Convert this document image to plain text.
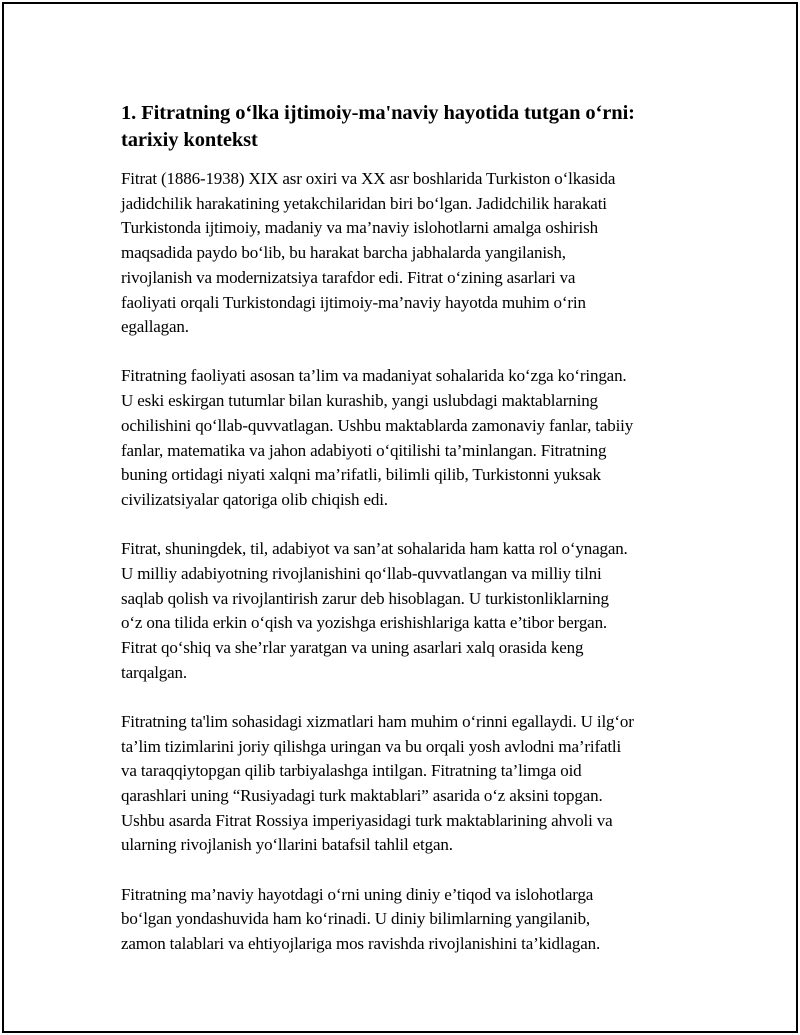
1. Fitratning o‘lka ijtimoiy-ma'naviy hayotida tutgan o‘rni:
tarixiy kontekst

Fitrat (1886-1938) XIX asr oxiri va XX asr boshlarida Turkiston o‘lkasida
jadidchilik harakatining yetakchilaridan biri bo‘lgan. Jadidchilik harakati
Turkistonda ijtimoiy, madaniy va ma’naviy islohotlarni amalga oshirish
maqsadida paydo bo‘lib, bu harakat barcha jabhalarda yangilanish,
rivojlanish va modernizatsiya tarafdor edi. Fitrat o‘zining asarlari va
faoliyati orqali Turkistondagi ijtimoiy-ma’naviy hayotda muhim o‘rin
egallagan.

Fitratning faoliyati asosan ta’lim va madaniyat sohalarida ko‘zga ko‘ringan.
U eski eskirgan tutumlar bilan kurashib, yangi uslubdagi maktablarning
ochilishini qo‘llab-quvvatlagan. Ushbu maktablarda zamonaviy fanlar, tabiiy
fanlar, matematika va jahon adabiyoti o‘qitilishi ta’minlangan. Fitratning
buning ortidagi niyati xalqni ma’rifatli, bilimli qilib, Turkistonni yuksak
civilizatsiyalar qatoriga olib chiqish edi.

Fitrat, shuningdek, til, adabiyot va san’at sohalarida ham katta rol o‘ynagan.
U milliy adabiyotning rivojlanishini qo‘llab-quvvatlangan va milliy tilni
saqlab qolish va rivojlantirish zarur deb hisoblagan. U turkistonliklarning
o‘z ona tilida erkin o‘qish va yozishga erishishlariga katta e’tibor bergan.
Fitrat qo‘shiq va she’rlar yaratgan va uning asarlari xalq orasida keng
tarqalgan.

Fitratning ta'lim sohasidagi xizmatlari ham muhim o‘rinni egallaydi. U ilg‘or
ta’lim tizimlarini joriy qilishga uringan va bu orqali yosh avlodni ma’rifatli
va taraqqiytopgan qilib tarbiyalashga intilgan. Fitratning ta’limga oid
qarashlari uning “Rusiyadagi turk maktablari” asarida o‘z aksini topgan.
Ushbu asarda Fitrat Rossiya imperiyasidagi turk maktablarining ahvoli va
ularning rivojlanish yo‘llarini batafsil tahlil etgan.

Fitratning ma’naviy hayotdagi o‘rni uning diniy e’tiqod va islohotlarga
bo‘lgan yondashuvida ham ko‘rinadi. U diniy bilimlarning yangilanib,
zamon talablari va ehtiyojlariga mos ravishda rivojlanishini ta’kidlagan.
